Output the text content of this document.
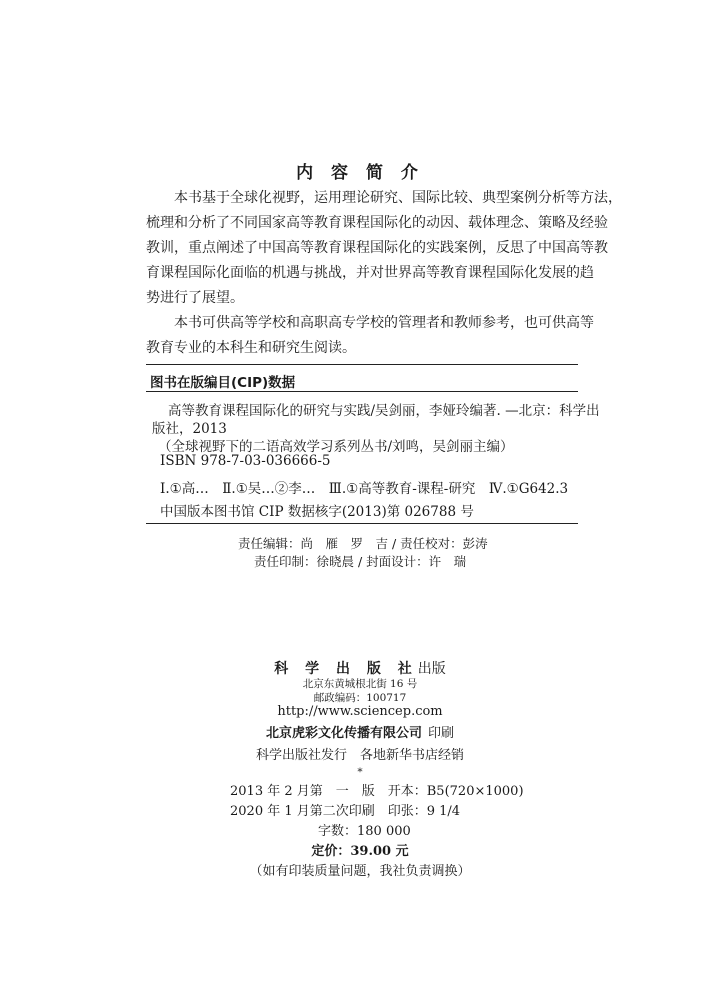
内 容 简 介
本书基于全球化视野，运用理论研究、国际比较、典型案例分析等方法，
梳理和分析了不同国家高等教育课程国际化的动因、载体理念、策略及经验
教训，重点阐述了中国高等教育课程国际化的实践案例，反思了中国高等教
育课程国际化面临的机遇与挑战，并对世界高等教育课程国际化发展的趋
势进行了展望。
本书可供高等学校和高职高专学校的管理者和教师参考，也可供高等
教育专业的本科生和研究生阅读。
图书在版编目(CIP)数据
高等教育课程国际化的研究与实践/吴剑丽，李娅玲编著. —北京：科学出
版社，2013
（全球视野下的二语高效学习系列丛书/刘鸣，吴剑丽主编）
ISBN 978-7-03-036666-5
Ⅰ.①高…　Ⅱ.①吴…②李…　Ⅲ.①高等教育-课程-研究　Ⅳ.①G642.3
中国版本图书馆 CIP 数据核字(2013)第 026788 号
责任编辑：尚　雁　罗　吉 / 责任校对：彭涛
责任印制：徐晓晨 / 封面设计：许　瑞
科 学 出 版 社出版
北京东黄城根北街 16 号
邮政编码：100717
http://www.sciencep.com
北京虎彩文化传播有限公司 印刷
科学出版社发行　各地新华书店经销
*
2013 年 2 月第　一　版　开本：B5(720×1000)
2020 年 1 月第二次印刷　印张：9 1/4
字数：180 000
定价：39.00 元
（如有印装质量问题，我社负责调换）
